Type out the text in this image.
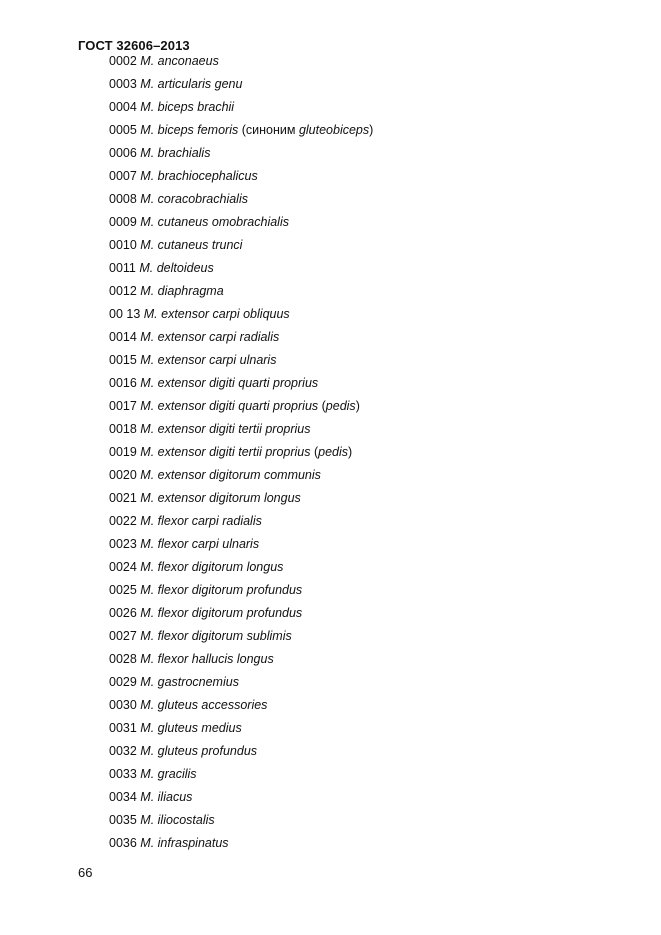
ГОСТ 32606–2013
0002 M. anconaeus
0003 M. articularis genu
0004 M. biceps brachii
0005 M. biceps femoris (синоним gluteobiceps)
0006 M. brachialis
0007 M. brachiocephalicus
0008 M. coracobrachialis
0009 M. cutaneus omobrachialis
0010 M. cutaneus trunci
0011 M. deltoideus
0012 M. diaphragma
00 13 M. extensor carpi obliquus
0014 M. extensor carpi radialis
0015 M. extensor carpi ulnaris
0016 M. extensor digiti quarti proprius
0017 M. extensor digiti quarti proprius (pedis)
0018 M. extensor digiti tertii proprius
0019 M. extensor digiti tertii proprius (pedis)
0020 M. extensor digitorum communis
0021 M. extensor digitorum longus
0022 M. flexor carpi radialis
0023 M. flexor carpi ulnaris
0024 M. flexor digitorum longus
0025 M. flexor digitorum profundus
0026 M. flexor digitorum profundus
0027 M. flexor digitorum sublimis
0028 M. flexor hallucis longus
0029 M. gastrocnemius
0030 M. gluteus accessories
0031 M. gluteus medius
0032 M. gluteus profundus
0033 M. gracilis
0034 M. iliacus
0035 M. iliocostalis
0036 M. infraspinatus
66
